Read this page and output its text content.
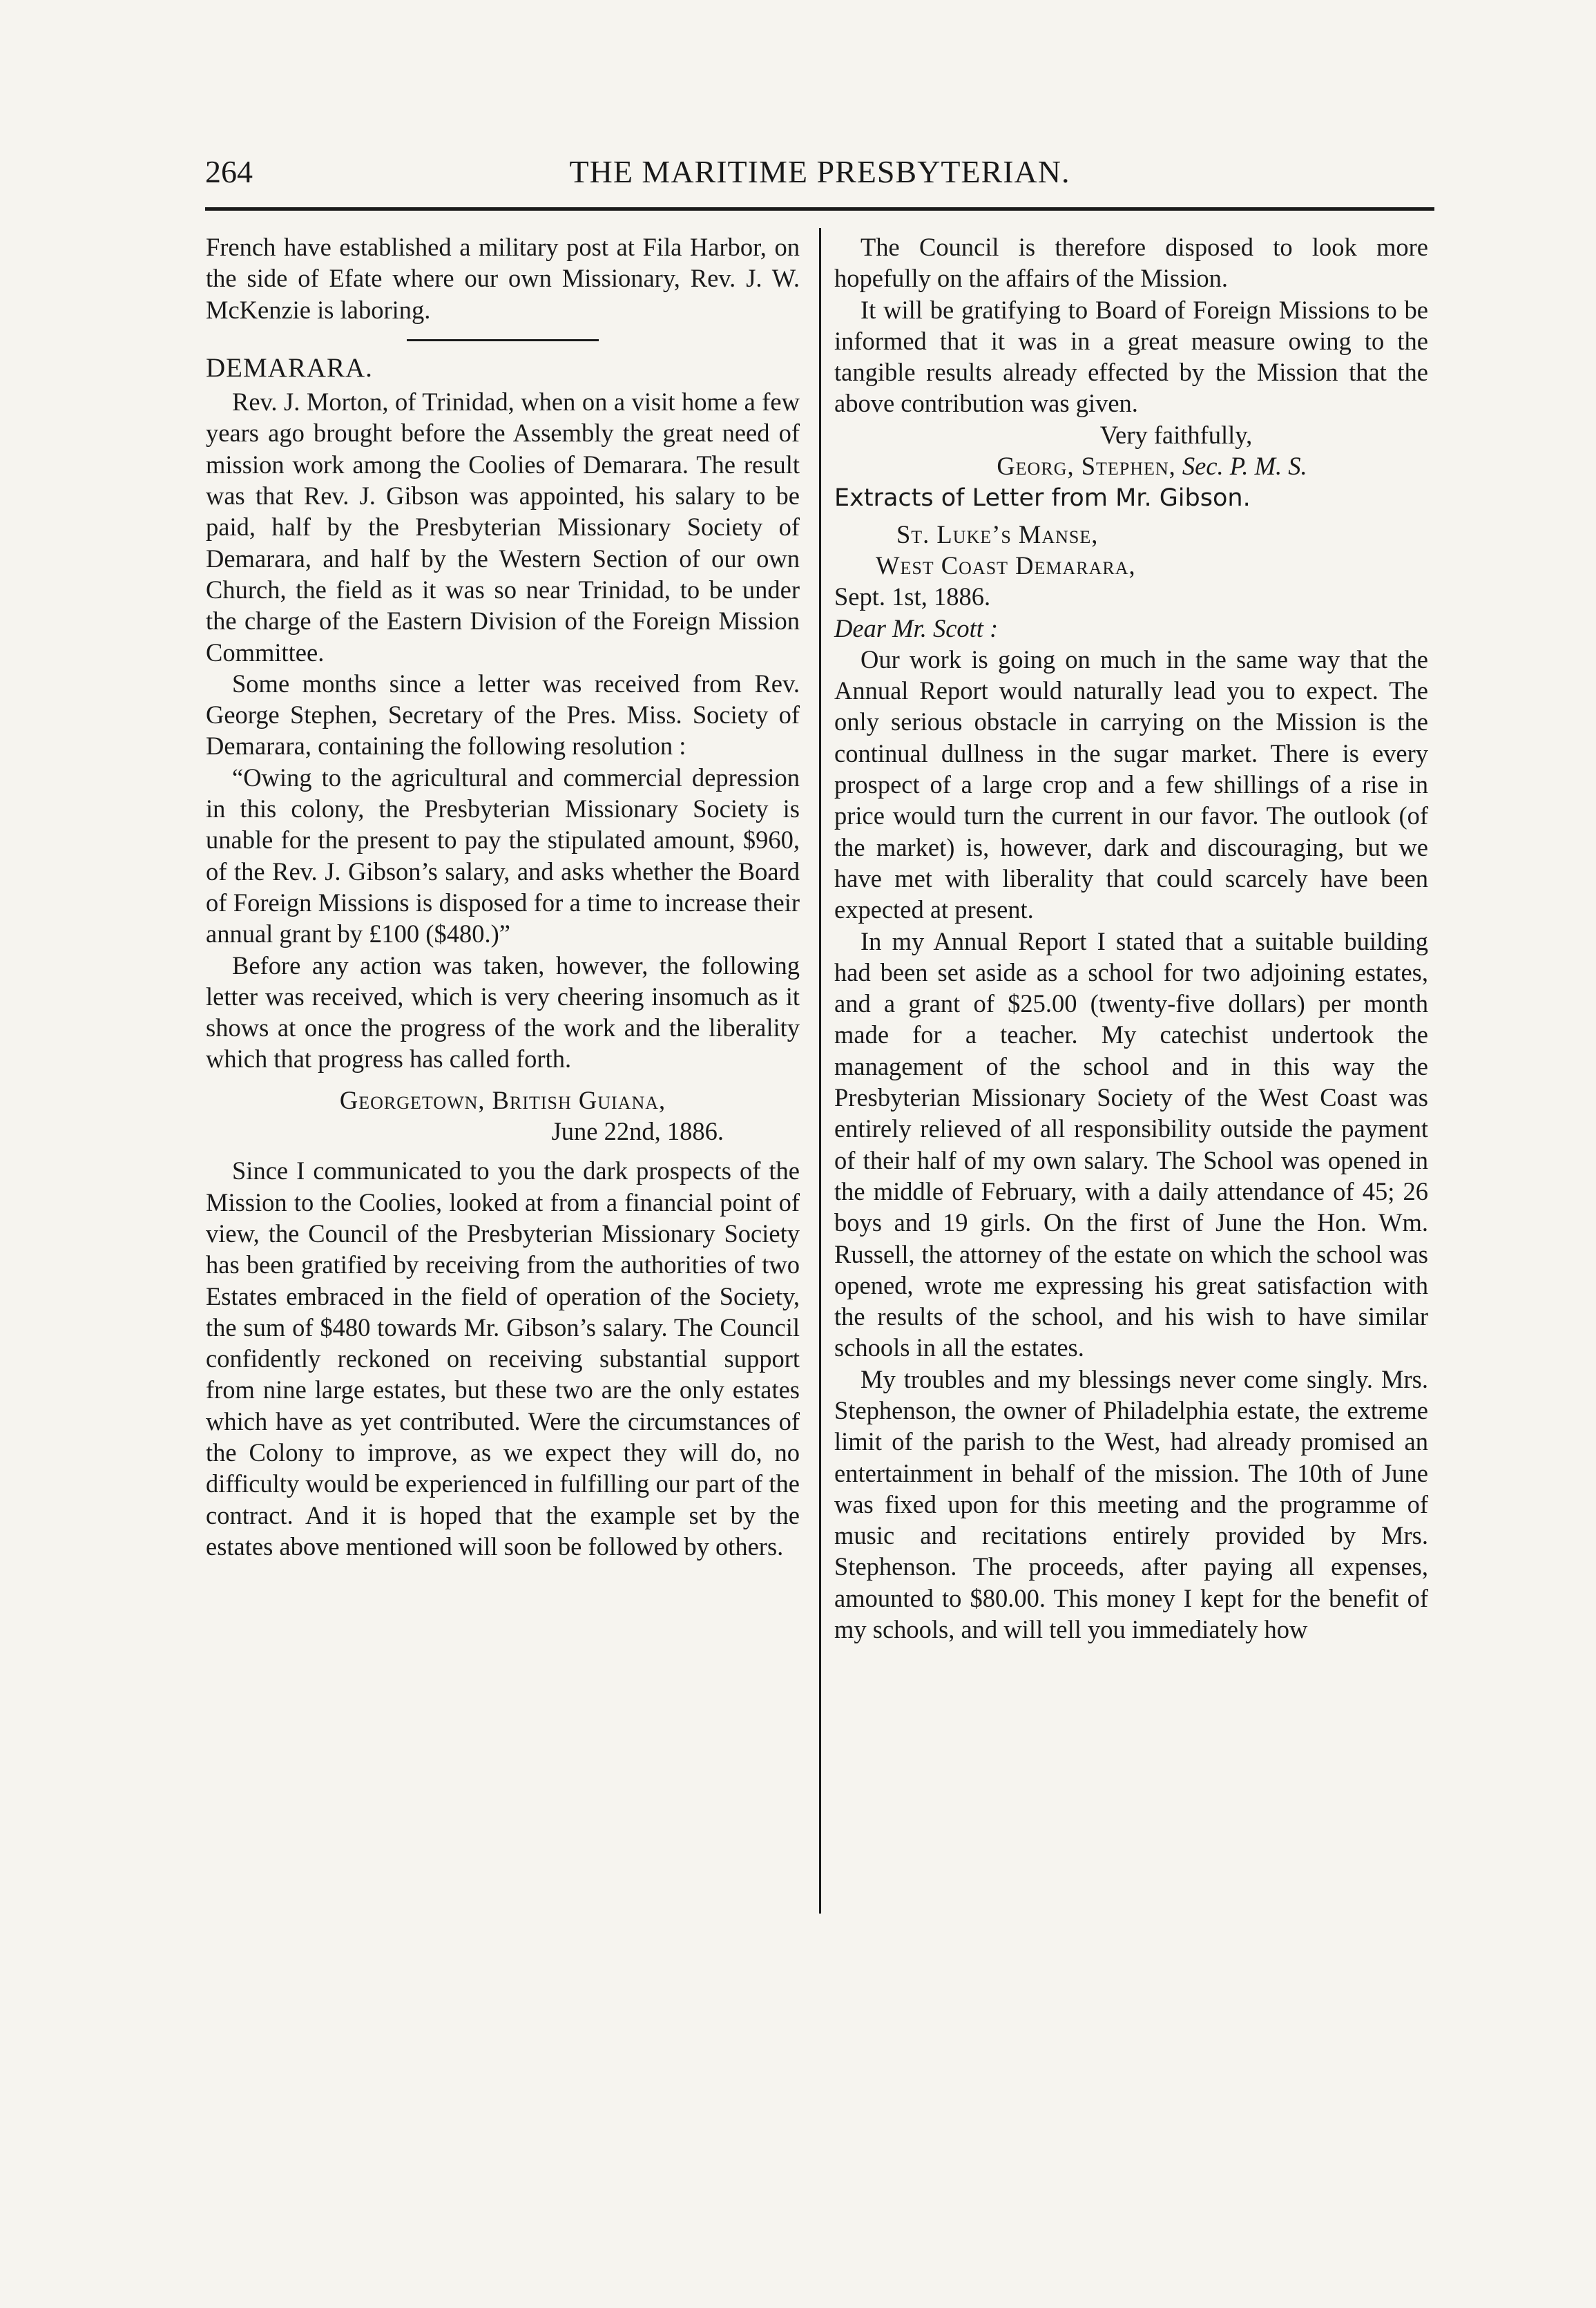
264	THE MARITIME PRESBYTERIAN.

French have established a military post at Fila Harbor, on the side of Efate where our own Missionary, Rev. J. W. McKenzie is laboring.

DEMARARA.

Rev. J. Morton, of Trinidad, when on a visit home a few years ago brought before the Assembly the great need of mission work among the Coolies of Demarara. The result was that Rev. J. Gibson was appointed, his salary to be paid, half by the Presbyterian Missionary Society of Demarara, and half by the Western Section of our own Church, the field as it was so near Trinidad, to be under the charge of the Eastern Division of the Foreign Mission Committee.

Some months since a letter was received from Rev. George Stephen, Secretary of the Pres. Miss. Society of Demarara, containing the following resolution :

“Owing to the agricultural and commercial depression in this colony, the Presbyterian Missionary Society is unable for the present to pay the stipulated amount, $960, of the Rev. J. Gibson’s salary, and asks whether the Board of Foreign Missions is disposed for a time to increase their annual grant by £100 ($480.)”

Before any action was taken, however, the following letter was received, which is very cheering insomuch as it shows at once the progress of the work and the liberality which that progress has called forth.

Georgetown, British Guiana,

June 22nd, 1886.

Since I communicated to you the dark prospects of the Mission to the Coolies, looked at from a financial point of view, the Council of the Presbyterian Missionary Society has been gratified by receiving from the authorities of two Estates embraced in the field of operation of the Society, the sum of $480 towards Mr. Gibson’s salary. The Council confidently reckoned on receiving substantial support from nine large estates, but these two are the only estates which have as yet contributed. Were the circumstances of the Colony to improve, as we expect they will do, no difficulty would be experienced in fulfilling our part of the contract. And it is hoped that the example set by the estates above mentioned will soon be followed by others.

The Council is therefore disposed to look more hopefully on the affairs of the Mission.

It will be gratifying to Board of Foreign Missions to be informed that it was in a great measure owing to the tangible results already effected by the Mission that the above contribution was given.

Very faithfully,

Georg, Stephen, Sec. P. M. S.

Extracts of Letter from Mr. Gibson.

St. Luke’s Manse,

West Coast Demarara,

Sept. 1st, 1886.

Dear Mr. Scott :

Our work is going on much in the same way that the Annual Report would naturally lead you to expect. The only serious obstacle in carrying on the Mission is the continual dullness in the sugar market. There is every prospect of a large crop and a few shillings of a rise in price would turn the current in our favor. The outlook (of the market) is, however, dark and discouraging, but we have met with liberality that could scarcely have been expected at present.

In my Annual Report I stated that a suitable building had been set aside as a school for two adjoining estates, and a grant of $25.00 (twenty-five dollars) per month made for a teacher. My catechist undertook the management of the school and in this way the Presbyterian Missionary Society of the West Coast was entirely relieved of all responsibility outside the payment of their half of my own salary. The School was opened in the middle of February, with a daily attendance of 45; 26 boys and 19 girls. On the first of June the Hon. Wm. Russell, the attorney of the estate on which the school was opened, wrote me expressing his great satisfaction with the results of the school, and his wish to have similar schools in all the estates.

My troubles and my blessings never come singly. Mrs. Stephenson, the owner of Philadelphia estate, the extreme limit of the parish to the West, had already promised an entertainment in behalf of the mission. The 10th of June was fixed upon for this meeting and the programme of music and recitations entirely provided by Mrs. Stephenson. The proceeds, after paying all expenses, amounted to $80.00. This money I kept for the benefit of my schools, and will tell you immediately how
